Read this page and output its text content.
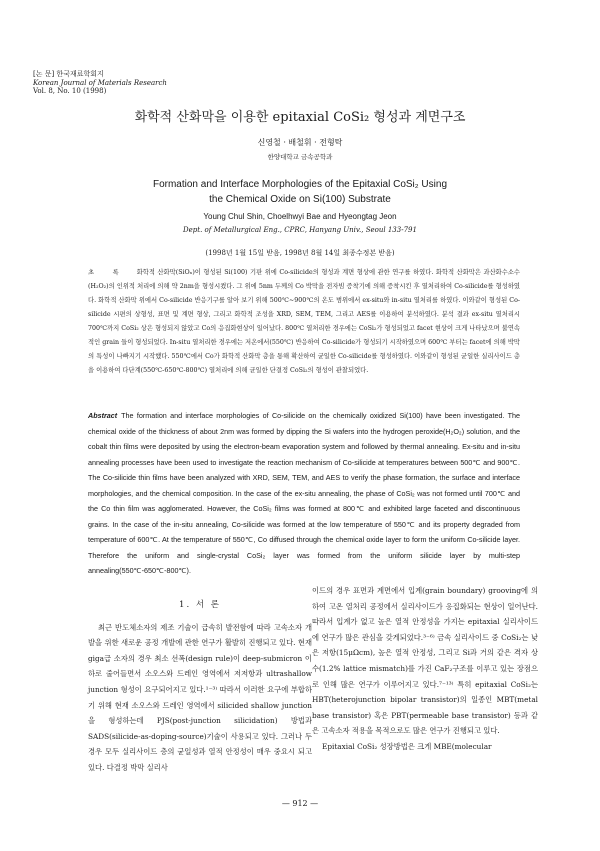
[논 문] 한국재료학회지
Korean Journal of Materials Research
Vol. 8, No. 10 (1998)
화학적 산화막을 이용한 epitaxial CoSi₂ 형성과 계면구조
신영철 · 배철휘 · 전형탁
한양대학교 금속공학과
Formation and Interface Morphologies of the Epitaxial CoSi₂ Using
the Chemical Oxide on Si(100) Substrate
Young Chul Shin, Choelhwyi Bae and Hyeongtag Jeon
Dept. of Metallurgical Eng., CPRC, Hanyang Univ., Seoul 133-791
(1998년 1월 15일 받음, 1998년 8월 14일 최종수정본 받음)
초 록 화학적 산화막(SiOₓ)이 형성된 Si(100) 기판 위에 Co-silicide의 형성과 계면 형상에 관한 연구를 하였다. 화학적 산화막은 과산화수소수(H₂O₂)의 인위적 처리에 의해 약 2nm을 형성시켰다. 그 위에 5nm 두께의 Co 박막을 전자빔 증착기에 의해 증착시킨 후 열처리하여 Co-silicide를 형성하였다. 화학적 산화막 위에서 Co-silicide 반응기구를 알아 보기 위해 500℃~900℃의 온도 범위에서 ex-situ와 in-situ 열처리를 하였다. 이와같이 형성된 Co-silicide 시편의 상형성, 표면 및 계면 형상, 그리고 화학적 조성을 XRD, SEM, TEM, 그리고 AES를 이용하여 분석하였다. 분석 결과 ex-situ 열처리시 700℃까지 CoSi₂ 상은 형성되지 않았고 Co의 응집화현상이 일어났다. 800℃ 열처리한 경우에는 CoSi₂가 형성되었고 facet 현상이 크게 나타났으며 불연속적인 grain 들이 형성되었다. In-situ 열처리한 경우에는 저온에서(550℃) 반응하여 Co-silicide가 형성되기 시작하였으며 600℃ 부터는 facet에 의해 박막의 특성이 나빠지기 시작했다. 550℃에서 Co가 화학적 산화막 층을 통해 확산하여 균일한 Co-silicide를 형성하였다. 이와같이 형성된 균일한 실리사이드 층을 이용하여 다단계(550℃-650℃-800℃) 열처리에 의해 균일한 단결정 CoSi₂의 형성이 관찰되었다.
Abstract The formation and interface morphologies of Co-silicide on the chemically oxidized Si(100) have been investigated. The chemical oxide of the thickness of about 2nm was formed by dipping the Si wafers into the hydrogen peroxide(H₂O₂) solution, and the cobalt thin films were deposited by using the electron-beam evaporation system and followed by thermal annealing. Ex-situ and in-situ annealing processes have been used to investigate the reaction mechanism of Co-silicide at temperatures between 500℃ and 900℃. The Co-silicide thin films have been analyzed with XRD, SEM, TEM, and AES to verify the phase formation, the surface and interface morphologies, and the chemical composition. In the case of the ex-situ annealing, the phase of CoSi₂ was not formed until 700℃ and the Co thin film was agglomerated. However, the CoSi₂ films was formed at 800℃ and exhibited large faceted and discontinuous grains. In the case of the in-situ annealing, Co-silicide was formed at the low temperature of 550℃ and its property degraded from temperature of 600℃. At the temperature of 550℃, Co diffused through the chemical oxide layer to form the uniform Co-silicide layer. Therefore the uniform and single-crystal CoSi₂ layer was formed from the uniform silicide layer by multi-step annealing(550℃-650℃-800℃).
1. 서 론

최근 반도체소자의 제조 기술이 급속히 발전함에 따라 고속소자 개발을 위한 새로운 공정 개발에 관한 연구가 활발히 진행되고 있다. 현재 giga급 소자의 경우 최소 선폭(design rule)이 deep-submicron 이하로 줄어들면서 소오스와 드레인 영역에서 저저항과 ultrashallow junction 형성이 요구되어지고 있다.¹⁻³⁾ 따라서 이러한 요구에 부합하기 위해 현재 소오스와 드레인 영역에서 silicided shallow junction을 형성하는데 PJS(post-junction silicidation) 방법과 SADS(silicide-as-doping-source)기술이 사용되고 있다. 그러나 두 경우 모두 실리사이드 층의 균일성과 열적 안정성이 매우 중요시 되고 있다. 다결정 박막 실리사

이드의 경우 표면과 계면에서 입계(grain boundary) grooving에 의하여 고온 열처리 공정에서 실리사이드가 응집화되는 현상이 일어난다. 따라서 입계가 없고 높은 열적 안정성을 가지는 epitaxial 실리사이드에 연구가 많은 관심을 갖게되었다.³⁻⁶⁾ 금속 실리사이드 중 CoSi₂는 낮은 저항(15μΩcm), 높은 열적 안정성, 그리고 Si과 거의 같은 격자 상수(1.2% lattice mismatch)를 가진 CaF₂구조를 이루고 있는 장점으로 인해 많은 연구가 이루어지고 있다.⁷⁻¹³⁾ 특히 epitaxial CoSi₂는 HBT(heterojunction bipolar transistor)의 일종인 MBT(metal base transistor) 혹은 PBT(permeable base transistor) 등과 같은 고속소자 적용을 목적으로도 많은 연구가 진행되고 있다.

Epitaxial CoSi₂ 성장방법은 크게 MBE(molecular

— 912 —
